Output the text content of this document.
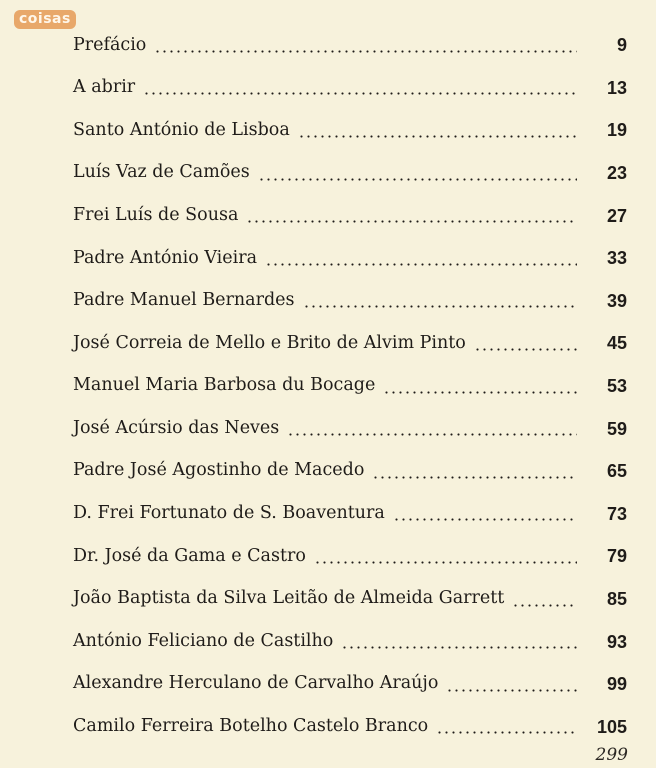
coisas
Prefácio	9
A abrir	13
Santo António de Lisboa	19
Luís Vaz de Camões	23
Frei Luís de Sousa	27
Padre António Vieira	33
Padre Manuel Bernardes	39
José Correia de Mello e Brito de Alvim Pinto	45
Manuel Maria Barbosa du Bocage	53
José Acúrsio das Neves	59
Padre José Agostinho de Macedo	65
D. Frei Fortunato de S. Boaventura	73
Dr. José da Gama e Castro	79
João Baptista da Silva Leitão de Almeida Garrett	85
António Feliciano de Castilho	93
Alexandre Herculano de Carvalho Araújo	99
Camilo Ferreira Botelho Castelo Branco	105
299
